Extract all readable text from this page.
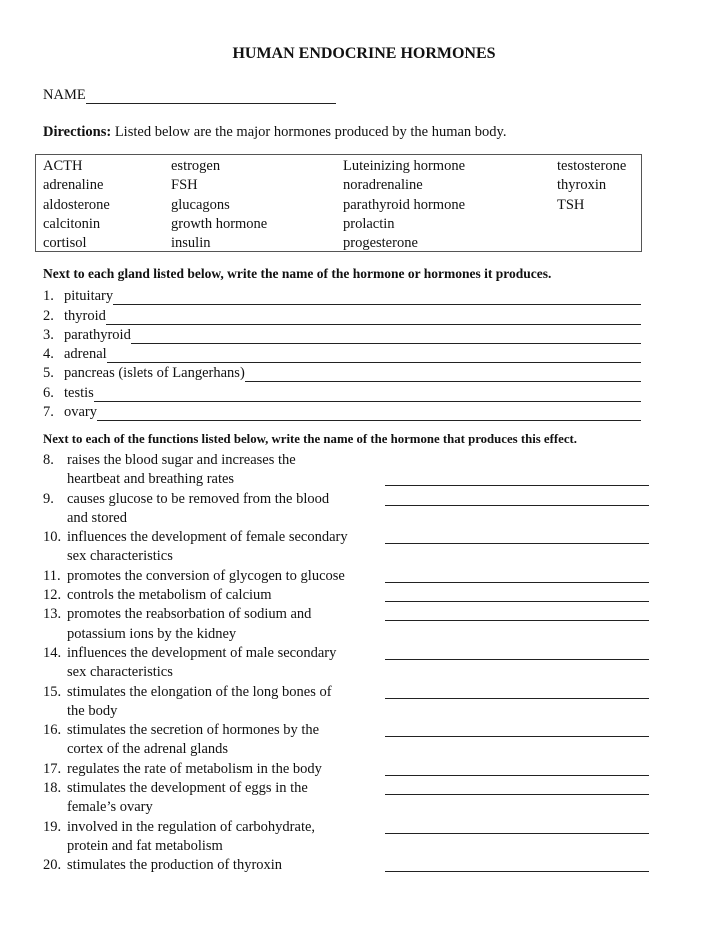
HUMAN ENDOCRINE HORMONES
NAME
Directions: Listed below are the major hormones produced by the human body.
ACTH
adrenaline
aldosterone
calcitonin
cortisol
estrogen
FSH
glucagons
growth hormone
insulin
Luteinizing hormone
noradrenaline
parathyroid hormone
prolactin
progesterone
testosterone
thyroxin
TSH
Next to each gland listed below, write the name of the hormone or hormones it produces.
1. pituitary
2. thyroid
3. parathyroid
4. adrenal
5. pancreas (islets of Langerhans)
6. testis
7. ovary
Next to each of the functions listed below, write the name of the hormone that produces this effect.
8. raises the blood sugar and increases the
heartbeat and breathing rates
9. causes glucose to be removed from the blood
and stored
10. influences the development of female secondary
sex characteristics
11. promotes the conversion of glycogen to glucose
12. controls the metabolism of calcium
13. promotes the reabsorbation of sodium and
potassium ions by the kidney
14. influences the development of male secondary
sex characteristics
15. stimulates the elongation of the long bones of
the body
16. stimulates the secretion of hormones by the
cortex of the adrenal glands
17. regulates the rate of metabolism in the body
18. stimulates the development of eggs in the
female’s ovary
19. involved in the regulation of carbohydrate,
protein and fat metabolism
20. stimulates the production of thyroxin
